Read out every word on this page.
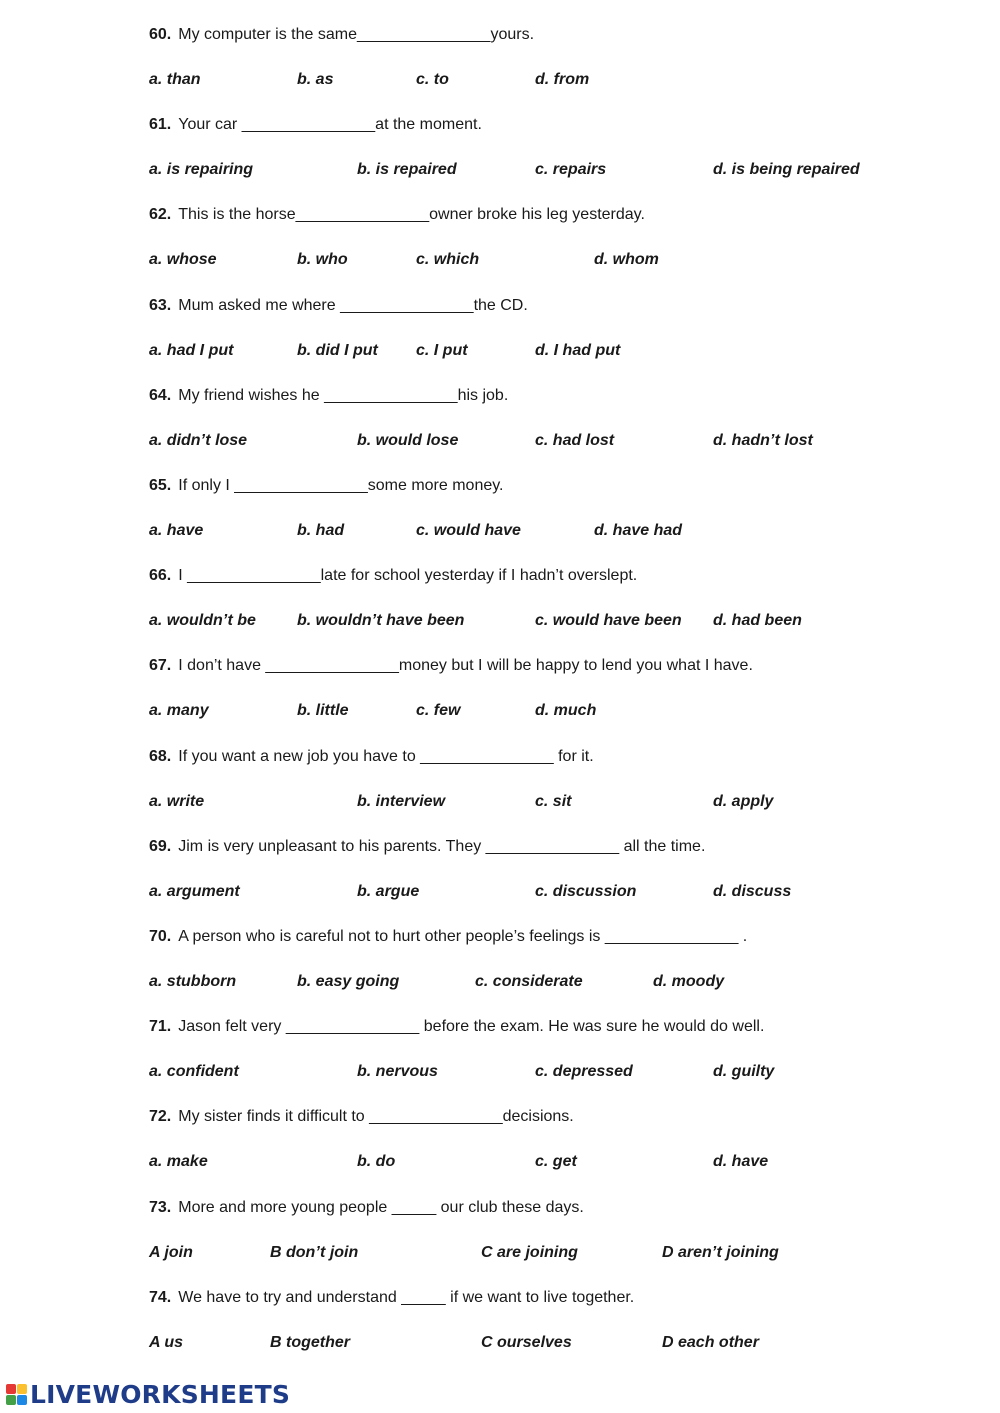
60. My computer is the same_______________yours.
a. than	b. as	c. to	d. from
61. Your car _______________at the moment.
a. is repairing	b. is repaired	c. repairs	d. is being repaired
62. This is the horse_______________owner broke his leg yesterday.
a. whose	b. who	c. which	d. whom
63. Mum asked me where _______________the CD.
a. had I put	b. did I put c. I put	d. I had put
64. My friend wishes he _______________his job.
a. didn’t lose	b. would lose	c. had lost	d. hadn’t lost
65. If only I _______________some more money.
a. have	b. had	c. would have	d. have had
66. I _______________late for school yesterday if I hadn’t overslept.
a. wouldn’t be	b. wouldn’t have been	c. would have been d. had been
67. I don’t have _______________money but I will be happy to lend you what I have.
a. many	b. little	c. few	d. much
68. If you want a new job you have to _______________ for it.
a. write	b. interview	c. sit	d. apply
69. Jim is very unpleasant to his parents. They _______________ all the time.
a. argument	b. argue	c. discussion	d. discuss
70. A person who is careful not to hurt other people’s feelings is _______________ .
a. stubborn	b. easy going	c. considerate	d. moody
71. Jason felt very _______________ before the exam. He was sure he would do well.
a. confident	b. nervous	c. depressed	d. guilty
72. My sister finds it difficult to _______________decisions.
a. make	b. do	c. get	d. have
73. More and more young people _____ our club these days.
A join	B don’t join	C are joining	D aren’t joining
74. We have to try and understand _____ if we want to live together.
A us	B together	C ourselves	D each other
LIVEWORKSHEETS
